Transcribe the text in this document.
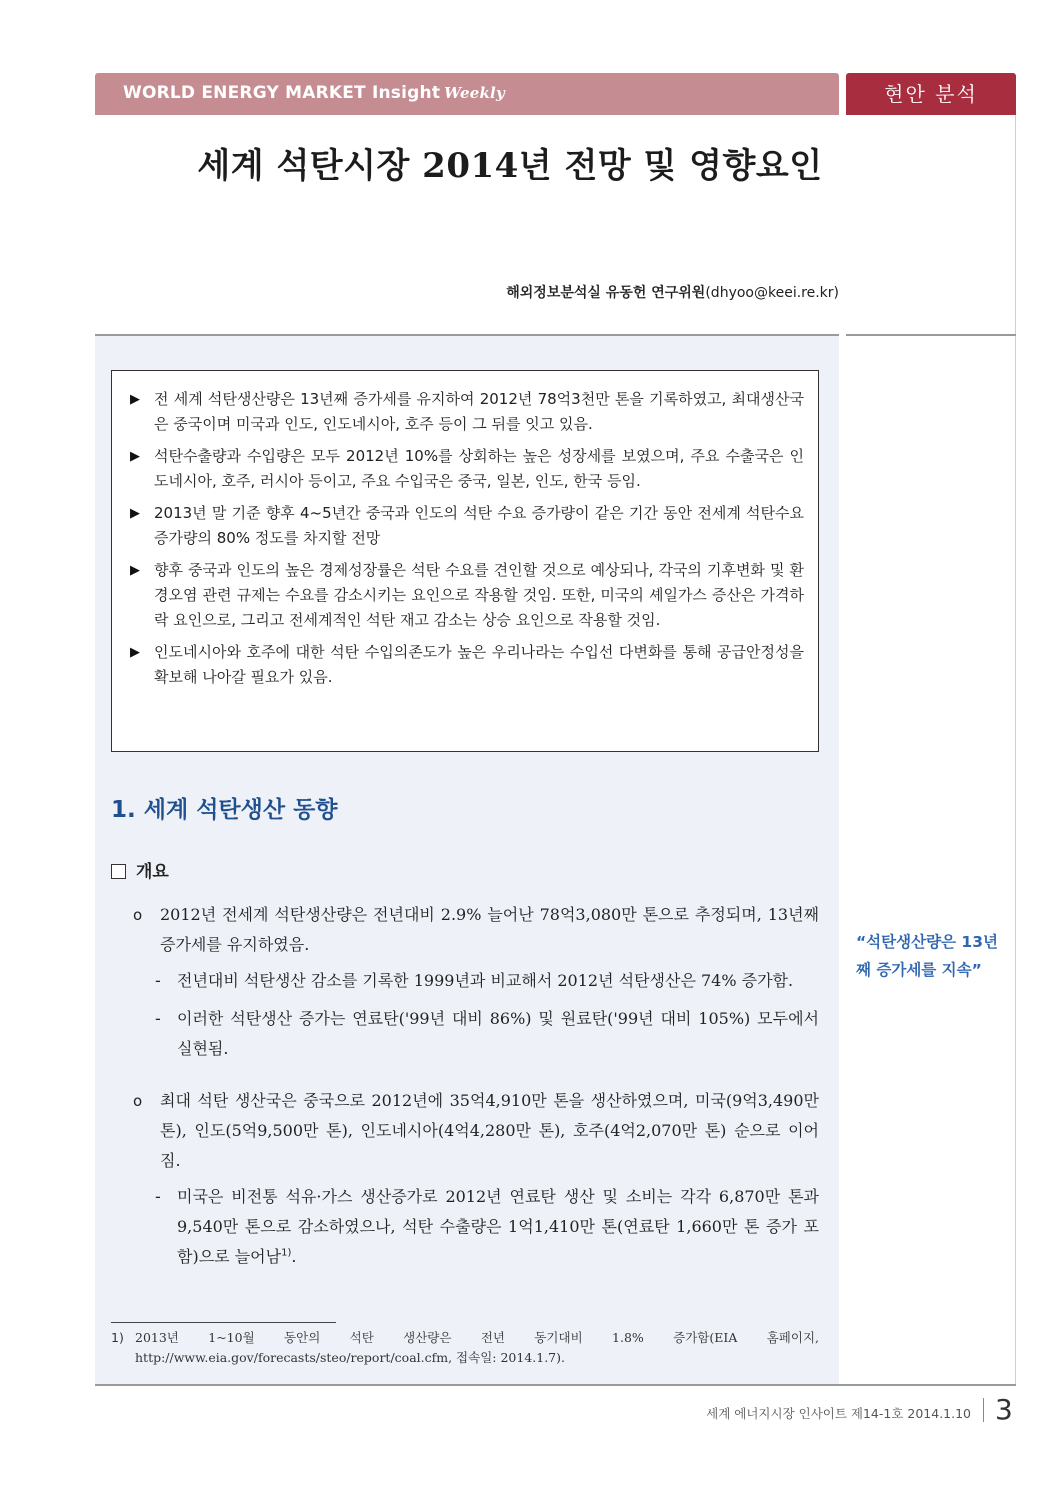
WORLD ENERGY MARKET Insight Weekly	현안 분석
세계 석탄시장 2014년 전망 및 영향요인
해외정보분석실 유동헌 연구위원(dhyoo@keei.re.kr)
▶ 전 세계 석탄생산량은 13년째 증가세를 유지하여 2012년 78억3천만 톤을 기록하였고, 최대생산국은 중국이며 미국과 인도, 인도네시아, 호주 등이 그 뒤를 잇고 있음.
▶ 석탄수출량과 수입량은 모두 2012년 10%를 상회하는 높은 성장세를 보였으며, 주요 수출국은 인도네시아, 호주, 러시아 등이고, 주요 수입국은 중국, 일본, 인도, 한국 등임.
▶ 2013년 말 기준 향후 4~5년간 중국과 인도의 석탄 수요 증가량이 같은 기간 동안 전세계 석탄수요 증가량의 80% 정도를 차지할 전망
▶ 향후 중국과 인도의 높은 경제성장률은 석탄 수요를 견인할 것으로 예상되나, 각국의 기후변화 및 환경오염 관련 규제는 수요를 감소시키는 요인으로 작용할 것임. 또한, 미국의 셰일가스 증산은 가격하락 요인으로, 그리고 전세계적인 석탄 재고 감소는 상승 요인으로 작용할 것임.
▶ 인도네시아와 호주에 대한 석탄 수입의존도가 높은 우리나라는 수입선 다변화를 통해 공급안정성을 확보해 나아갈 필요가 있음.
1. 세계 석탄생산 동향
개요
o 2012년 전세계 석탄생산량은 전년대비 2.9% 늘어난 78억3,080만 톤으로 추정되며, 13년째 증가세를 유지하였음.
- 전년대비 석탄생산 감소를 기록한 1999년과 비교해서 2012년 석탄생산은 74% 증가함.
- 이러한 석탄생산 증가는 연료탄('99년 대비 86%) 및 원료탄('99년 대비 105%) 모두에서 실현됨.
o 최대 석탄 생산국은 중국으로 2012년에 35억4,910만 톤을 생산하였으며, 미국(9억3,490만 톤), 인도(5억9,500만 톤), 인도네시아(4억4,280만 톤), 호주(4억2,070만 톤) 순으로 이어짐.
- 미국은 비전통 석유·가스 생산증가로 2012년 연료탄 생산 및 소비는 각각 6,870만 톤과 9,540만 톤으로 감소하였으나, 석탄 수출량은 1억1,410만 톤(연료탄 1,660만 톤 증가 포함)으로 늘어남$^{1)}$.
1) 2013년 1~10월 동안의 석탄 생산량은 전년 동기대비 1.8% 증가함(EIA 홈페이지, http://www.eia.gov/forecasts/steo/report/coal.cfm, 접속일: 2014.1.7).
“석탄생산량은 13년째 증가세를 지속”
세계 에너지시장 인사이트 제14-1호 2014.1.10 3
